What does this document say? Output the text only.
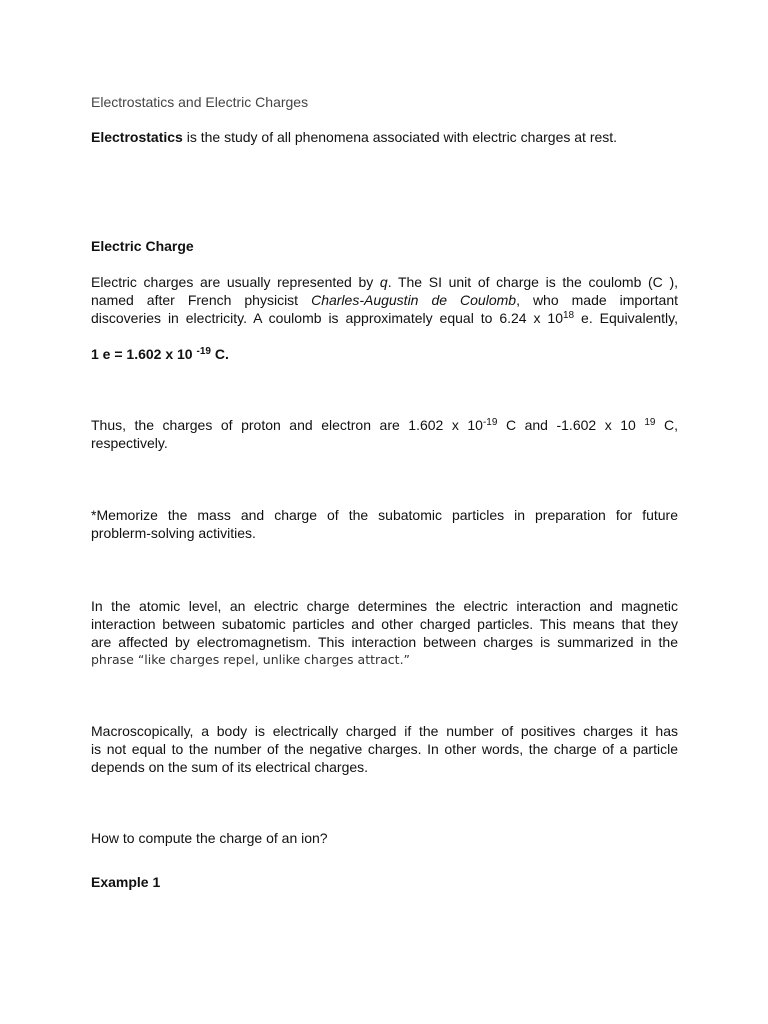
Electrostatics and Electric Charges
Electrostatics is the study of all phenomena associated with electric charges at rest.
Electric Charge
Electric charges are usually represented by q. The SI unit of charge is the coulomb (C ),
named after French physicist Charles-Augustin de Coulomb, who made important
discoveries in electricity. A coulomb is approximately equal to 6.24 x $10^{18}$ e. Equivalently,
1 e = 1.602 x 10 $^{-19}$ C.
Thus, the charges of proton and electron are 1.602 x $10^{-19}$ C and -1.602 x 10 $^{19}$ C,
respectively.
*Memorize the mass and charge of the subatomic particles in preparation for future
problerm-solving activities.
In the atomic level, an electric charge determines the electric interaction and magnetic
interaction between subatomic particles and other charged particles. This means that they
are affected by electromagnetism. This interaction between charges is summarized in the
phrase “like charges repel, unlike charges attract.”
Macroscopically, a body is electrically charged if the number of positives charges it has
is not equal to the number of the negative charges. In other words, the charge of a particle
depends on the sum of its electrical charges.
How to compute the charge of an ion?
Example 1
